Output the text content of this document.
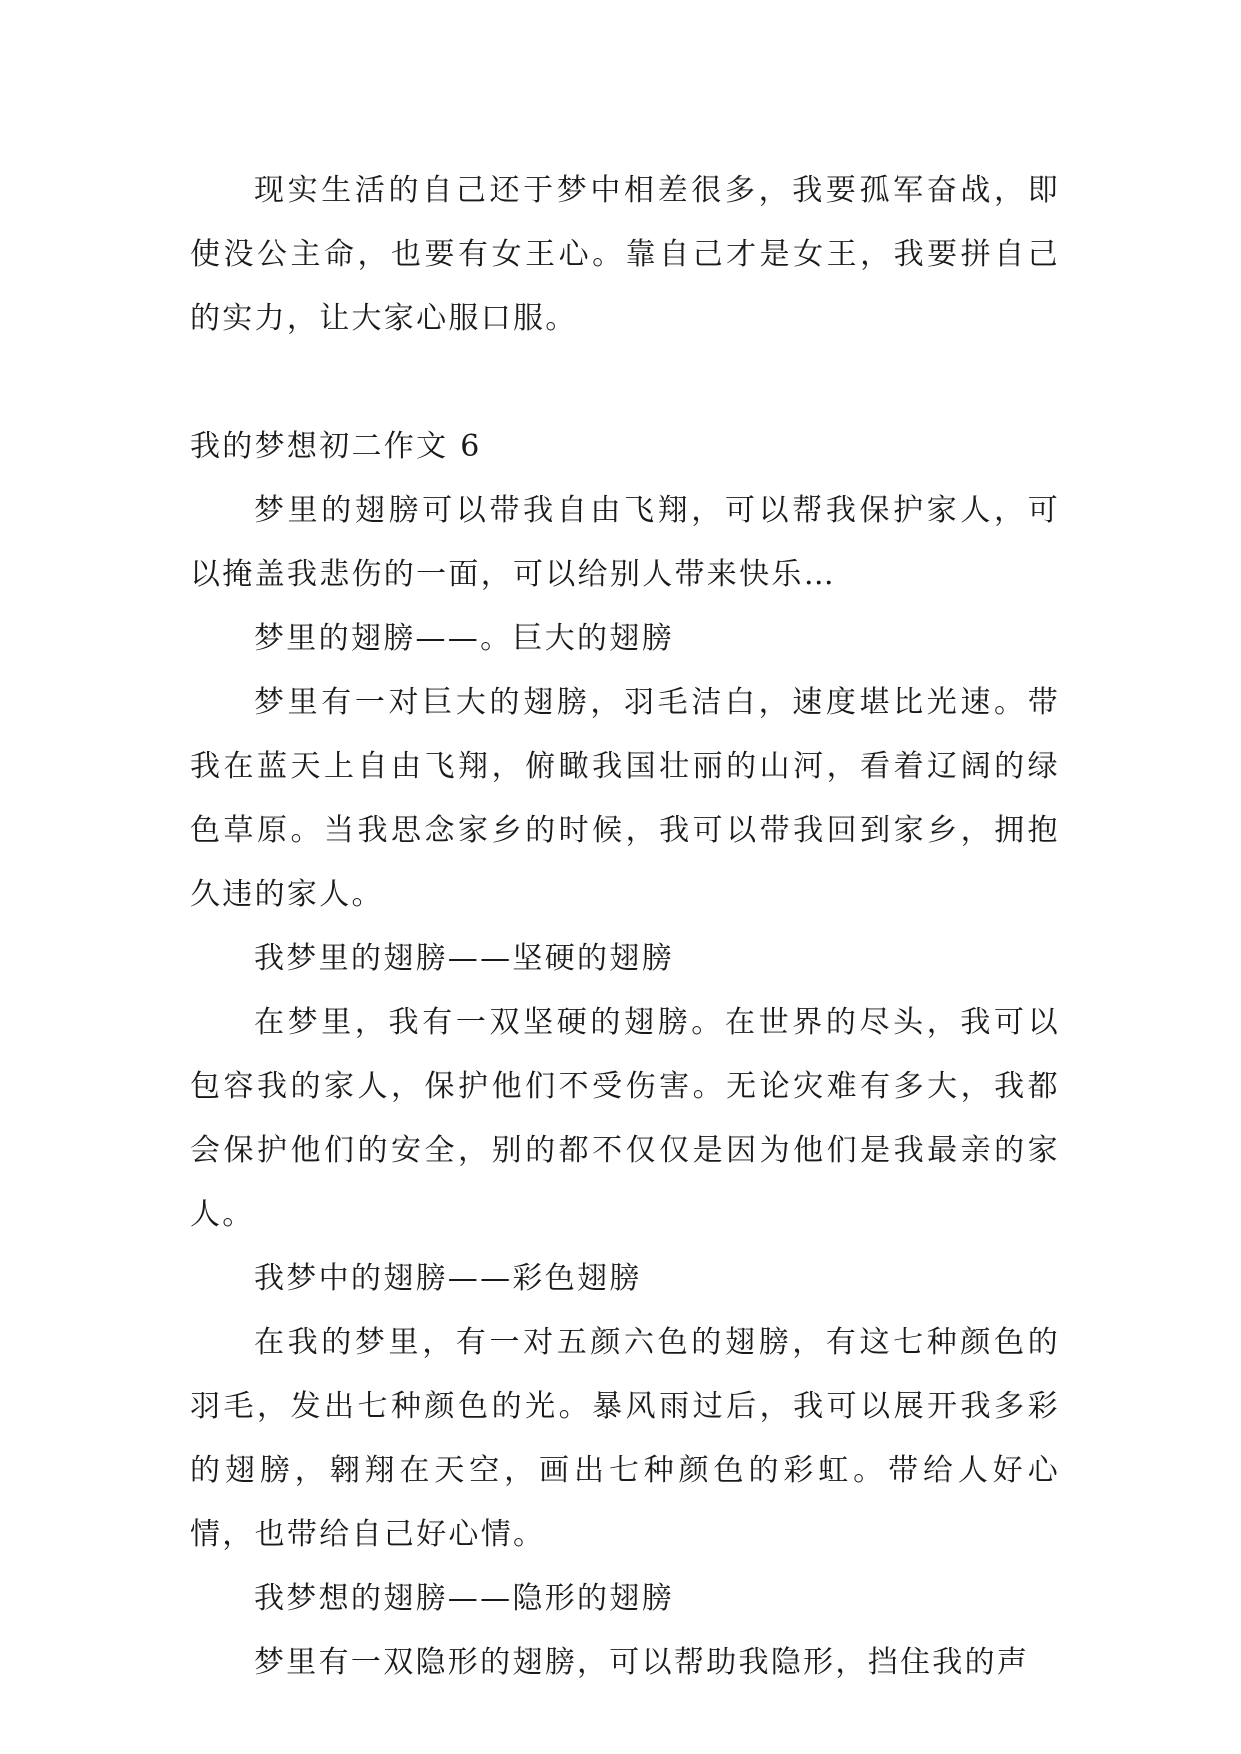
现实生活的自己还于梦中相差很多，我要孤军奋战，即使没公主命，也要有女王心。靠自己才是女王，我要拼自己的实力，让大家心服口服。

我的梦想初二作文 6

梦里的翅膀可以带我自由飞翔，可以帮我保护家人，可以掩盖我悲伤的一面，可以给别人带来快乐…

梦里的翅膀——。巨大的翅膀

梦里有一对巨大的翅膀，羽毛洁白，速度堪比光速。带我在蓝天上自由飞翔，俯瞰我国壮丽的山河，看着辽阔的绿色草原。当我思念家乡的时候，我可以带我回到家乡，拥抱久违的家人。

我梦里的翅膀——坚硬的翅膀

在梦里，我有一双坚硬的翅膀。在世界的尽头，我可以包容我的家人，保护他们不受伤害。无论灾难有多大，我都会保护他们的安全，别的都不仅仅是因为他们是我最亲的家人。

我梦中的翅膀——彩色翅膀

在我的梦里，有一对五颜六色的翅膀，有这七种颜色的羽毛，发出七种颜色的光。暴风雨过后，我可以展开我多彩的翅膀，翱翔在天空，画出七种颜色的彩虹。带给人好心情，也带给自己好心情。

我梦想的翅膀——隐形的翅膀

梦里有一双隐形的翅膀，可以帮助我隐形，挡住我的声
